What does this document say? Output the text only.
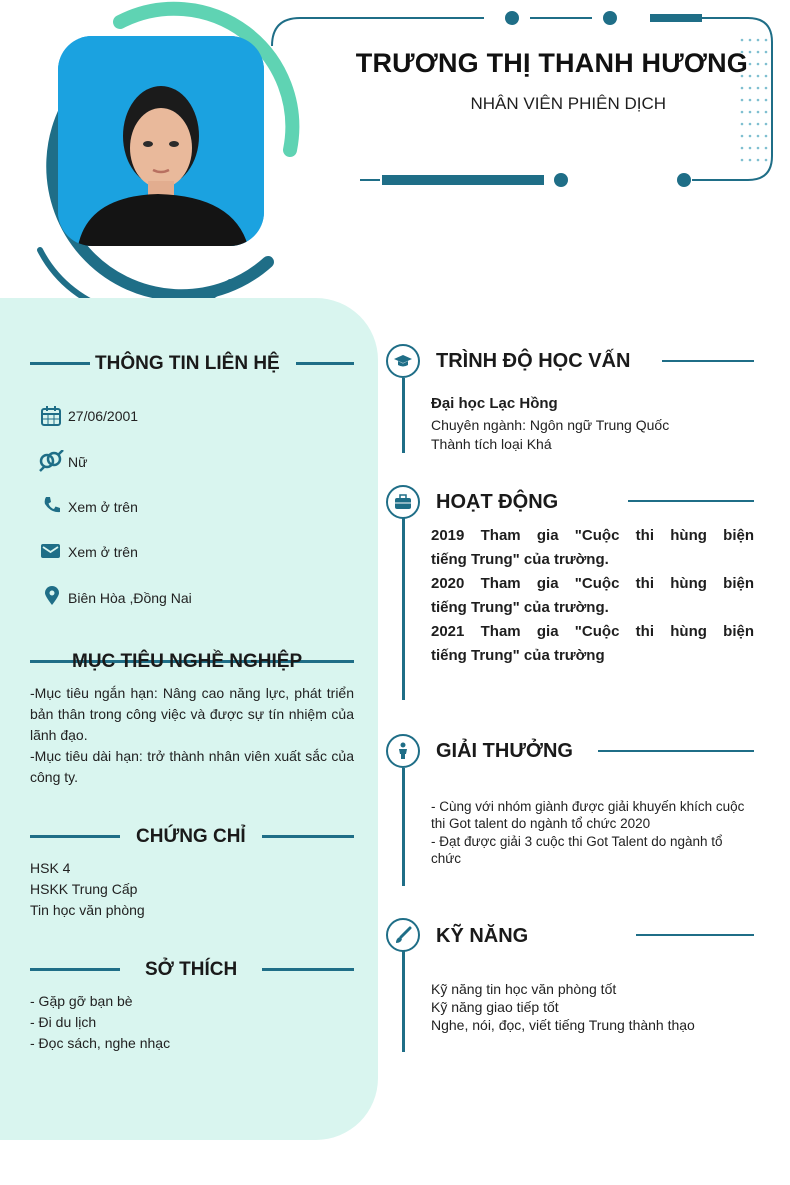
TRƯƠNG THỊ THANH HƯƠNG
NHÂN VIÊN PHIÊN DỊCH
THÔNG TIN LIÊN HỆ
27/06/2001
Nữ
Xem ở trên
Xem ở trên
Biên Hòa ,Đồng Nai
MỤC TIÊU NGHỀ NGHIỆP
-Mục tiêu ngắn hạn: Nâng cao năng lực, phát triển bản thân trong công việc và được sự tín nhiệm của lãnh đạo.
-Mục tiêu dài hạn: trở thành nhân viên xuất sắc của công ty.
CHỨNG CHỈ
HSK 4
HSKK Trung Cấp
Tin học văn phòng
SỞ THÍCH
- Gặp gỡ bạn bè
- Đi du lịch
- Đọc sách, nghe nhạc
TRÌNH ĐỘ HỌC VẤN
Đại học Lạc Hồng
Chuyên ngành: Ngôn ngữ Trung Quốc
Thành tích loại Khá
HOẠT ĐỘNG
2019 Tham gia "Cuộc thi hùng biện
tiếng Trung" của trường.
2020 Tham gia "Cuộc thi hùng biện
tiếng Trung" của trường.
2021 Tham gia "Cuộc thi hùng biện
tiếng Trung" của trường
GIẢI THƯỞNG
- Cùng với nhóm giành được giải khuyến khích cuộc thi Got talent do ngành tổ chức 2020
- Đạt được giải 3 cuộc thi Got Talent do ngành tổ chức
KỸ NĂNG
Kỹ năng tin học văn phòng tốt
Kỹ năng giao tiếp tốt
Nghe, nói, đọc, viết tiếng Trung thành thạo
